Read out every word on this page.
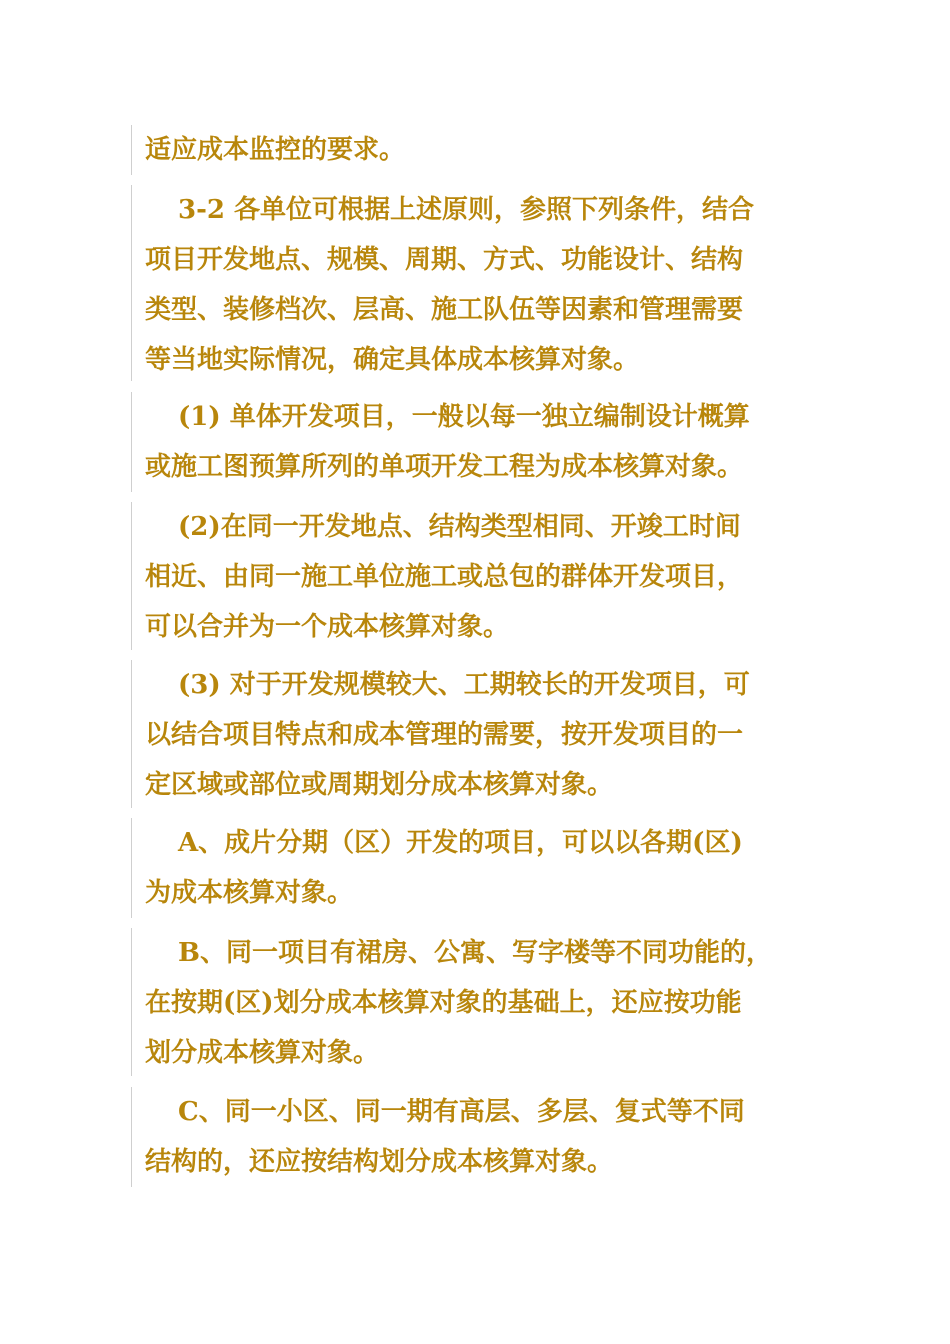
适应成本监控的要求。
3-2 各单位可根据上述原则，参照下列条件，结合
项目开发地点、规模、周期、方式、功能设计、结构
类型、装修档次、层高、施工队伍等因素和管理需要
等当地实际情况，确定具体成本核算对象。
(1) 单体开发项目，一般以每一独立编制设计概算
或施工图预算所列的单项开发工程为成本核算对象。
(2)在同一开发地点、结构类型相同、开竣工时间
相近、由同一施工单位施工或总包的群体开发项目，
可以合并为一个成本核算对象。
(3) 对于开发规模较大、工期较长的开发项目，可
以结合项目特点和成本管理的需要，按开发项目的一
定区域或部位或周期划分成本核算对象。
A、成片分期（区）开发的项目，可以以各期(区)
为成本核算对象。
B、同一项目有裙房、公寓、写字楼等不同功能的，
在按期(区)划分成本核算对象的基础上，还应按功能
划分成本核算对象。
C、同一小区、同一期有高层、多层、复式等不同
结构的，还应按结构划分成本核算对象。
